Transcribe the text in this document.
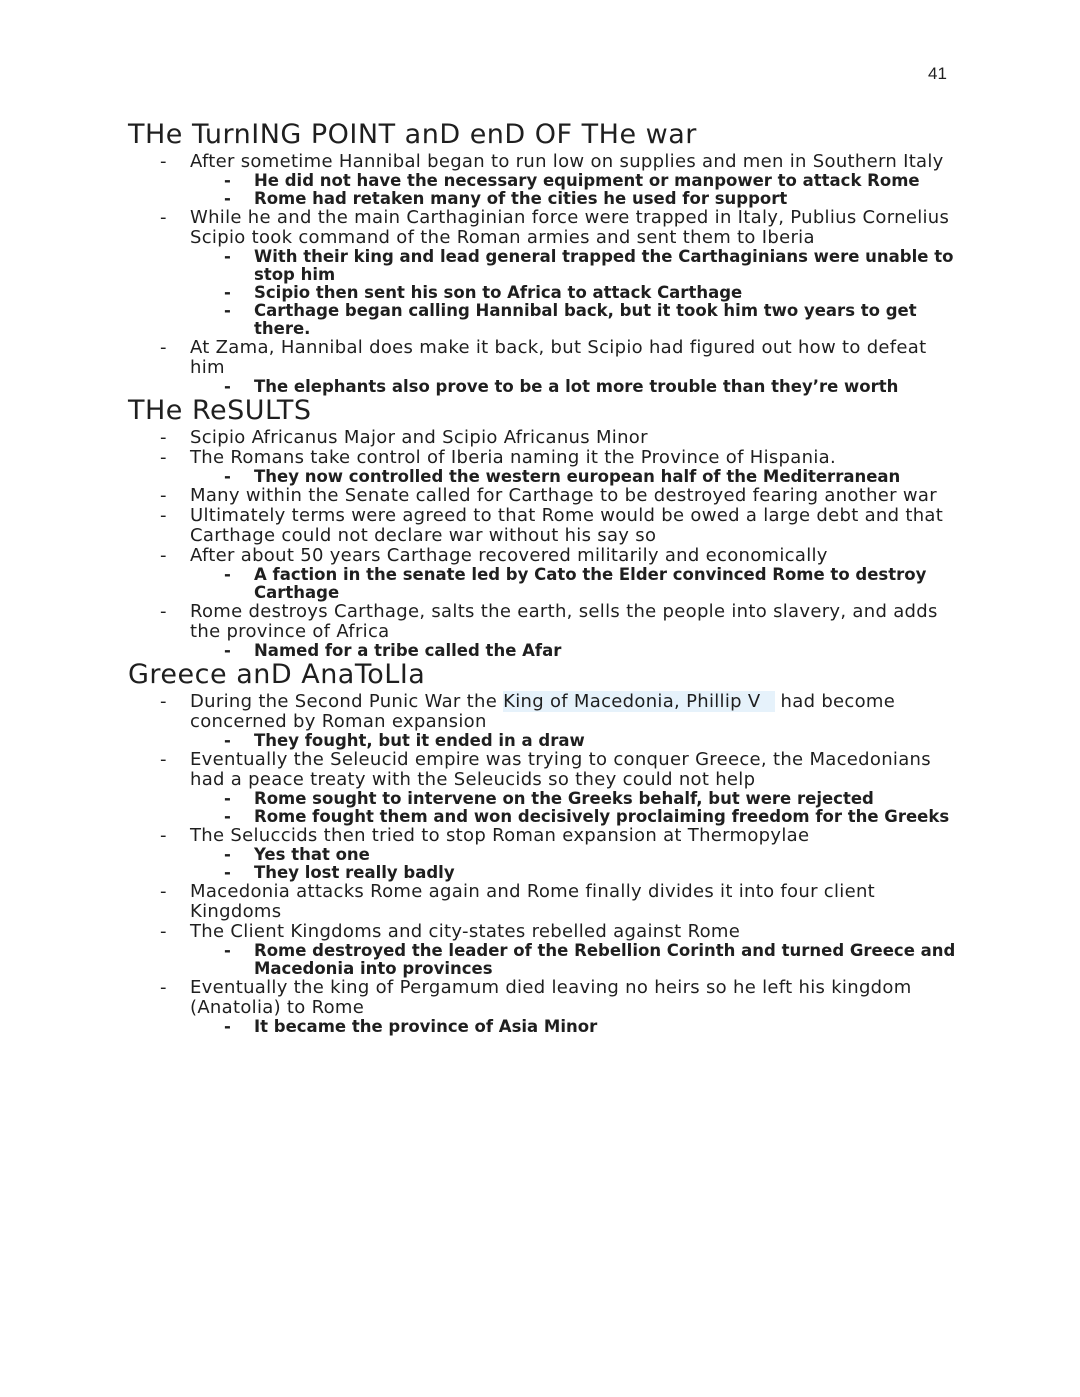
41
THe TurnING POINT anD enD OF THe war
- After sometime Hannibal began to run low on supplies and men in Southern Italy
- He did not have the necessary equipment or manpower to attack Rome
- Rome had retaken many of the cities he used for support
- While he and the main Carthaginian force were trapped in Italy, Publius Cornelius Scipio took command of the Roman armies and sent them to Iberia
- With their king and lead general trapped the Carthaginians were unable to stop him
- Scipio then sent his son to Africa to attack Carthage
- Carthage began calling Hannibal back, but it took him two years to get there.
- At Zama, Hannibal does make it back, but Scipio had figured out how to defeat him
- The elephants also prove to be a lot more trouble than they’re worth
THe ReSULTS
- Scipio Africanus Major and Scipio Africanus Minor
- The Romans take control of Iberia naming it the Province of Hispania.
- They now controlled the western european half of the Mediterranean
- Many within the Senate called for Carthage to be destroyed fearing another war
- Ultimately terms were agreed to that Rome would be owed a large debt and that Carthage could not declare war without his say so
- After about 50 years Carthage recovered militarily and economically
- A faction in the senate led by Cato the Elder convinced Rome to destroy Carthage
- Rome destroys Carthage, salts the earth, sells the people into slavery, and adds the province of Africa
- Named for a tribe called the Afar
Greece anD AnaToLIa
- During the Second Punic War the King of Macedonia, Phillip V had become concerned by Roman expansion
- They fought, but it ended in a draw
- Eventually the Seleucid empire was trying to conquer Greece, the Macedonians had a peace treaty with the Seleucids so they could not help
- Rome sought to intervene on the Greeks behalf, but were rejected
- Rome fought them and won decisively proclaiming freedom for the Greeks
- The Seluccids then tried to stop Roman expansion at Thermopylae
- Yes that one
- They lost really badly
- Macedonia attacks Rome again and Rome finally divides it into four client Kingdoms
- The Client Kingdoms and city-states rebelled against Rome
- Rome destroyed the leader of the Rebellion Corinth and turned Greece and Macedonia into provinces
- Eventually the king of Pergamum died leaving no heirs so he left his kingdom (Anatolia) to Rome
- It became the province of Asia Minor
